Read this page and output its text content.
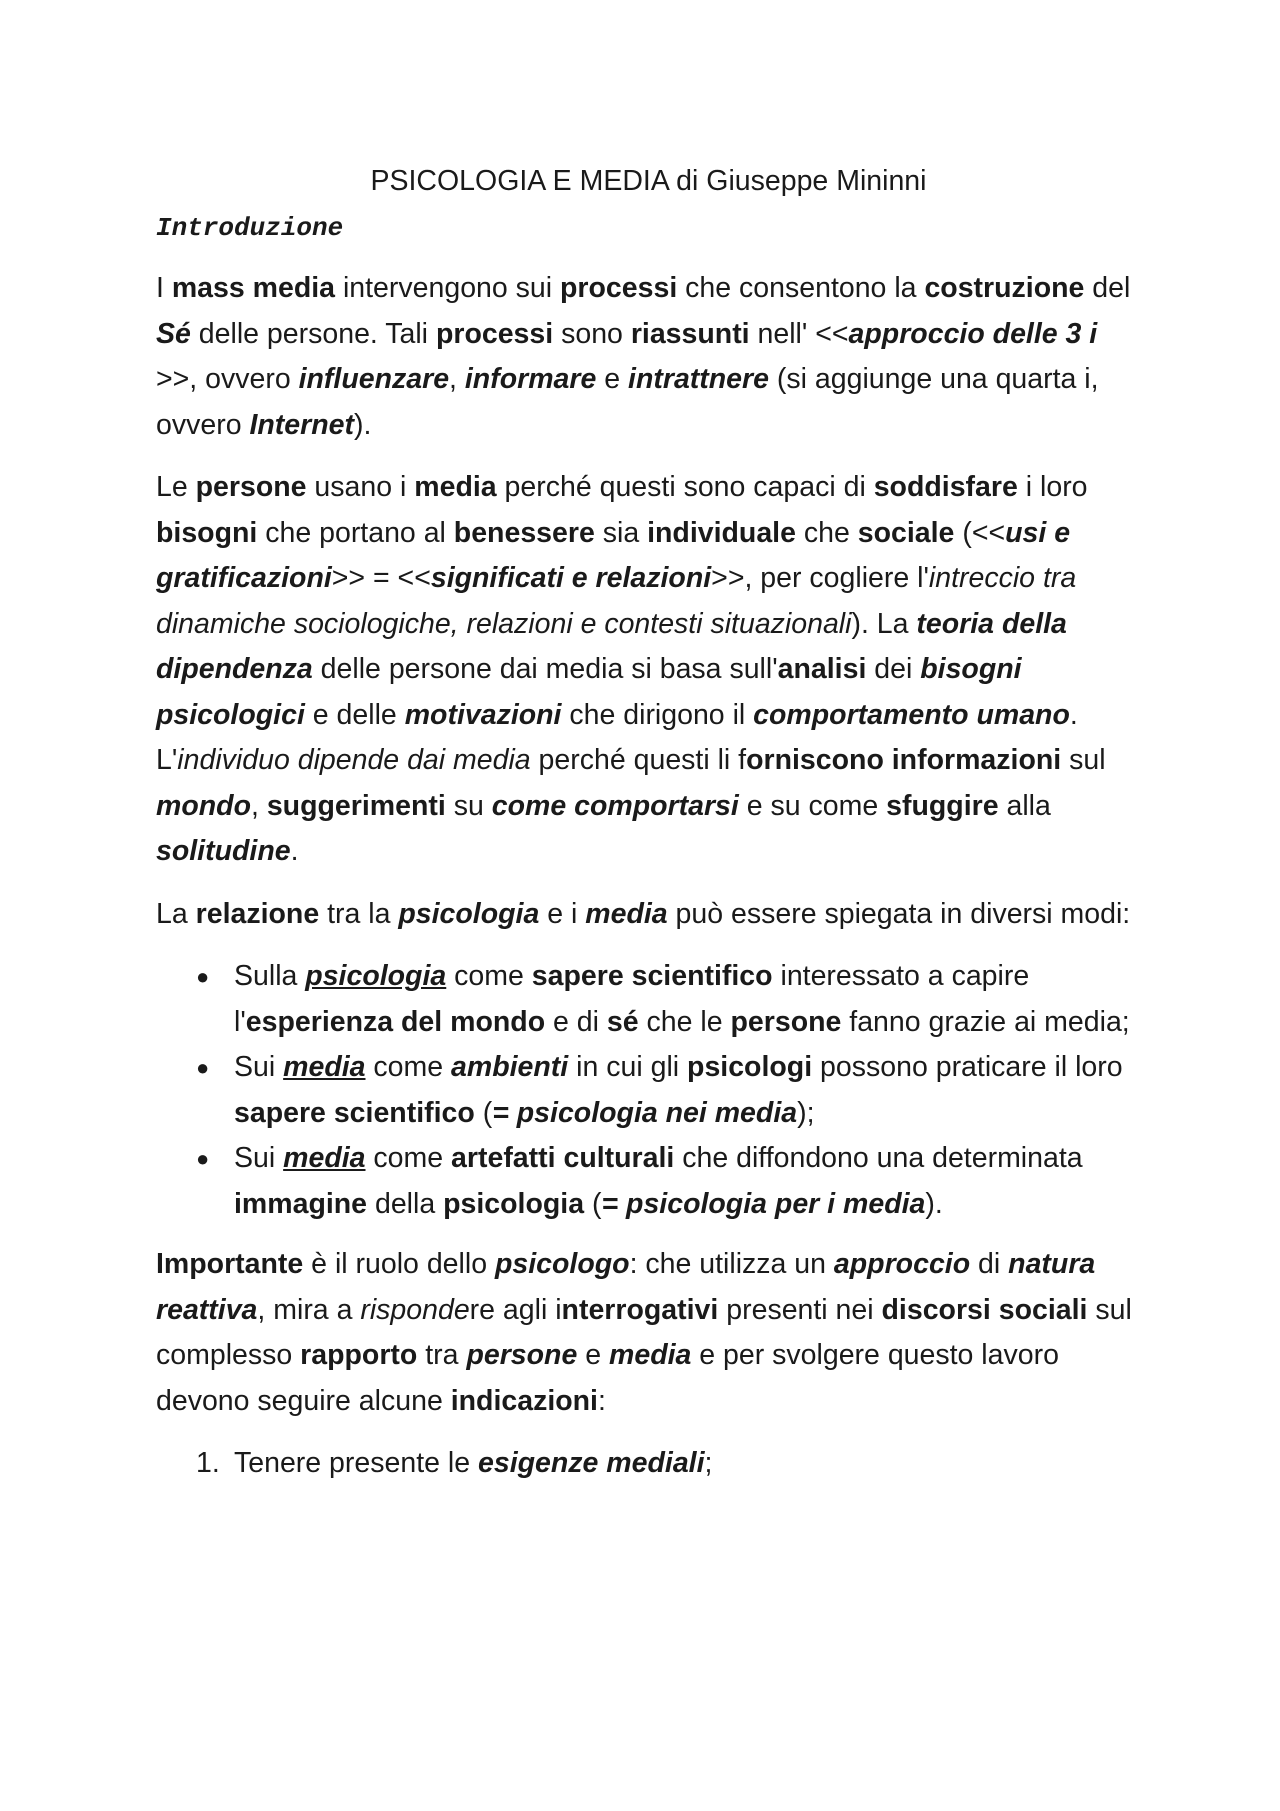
PSICOLOGIA E MEDIA di Giuseppe Mininni
Introduzione

I mass media intervengono sui processi che consentono la costruzione del Sé delle persone. Tali processi sono riassunti nell' <<approccio delle 3 i >>, ovvero influenzare, informare e intrattnere (si aggiunge una quarta i, ovvero Internet).

Le persone usano i media perché questi sono capaci di soddisfare i loro bisogni che portano al benessere sia individuale che sociale (<<usi e gratificazioni>> = <<significati e relazioni>>, per cogliere l'intreccio tra dinamiche sociologiche, relazioni e contesti situazionali). La teoria della dipendenza delle persone dai media si basa sull'analisi dei bisogni psicologici e delle motivazioni che dirigono il comportamento umano. L'individuo dipende dai media perché questi li forniscono informazioni sul mondo, suggerimenti su come comportarsi e su come sfuggire alla solitudine.

La relazione tra la psicologia e i media può essere spiegata in diversi modi:

● Sulla psicologia come sapere scientifico interessato a capire l'esperienza del mondo e di sé che le persone fanno grazie ai media;
● Sui media come ambienti in cui gli psicologi possono praticare il loro sapere scientifico (= psicologia nei media);
● Sui media come artefatti culturali che diffondono una determinata immagine della psicologia (= psicologia per i media).

Importante è il ruolo dello psicologo: che utilizza un approccio di natura reattiva, mira a rispondere agli interrogativi presenti nei discorsi sociali sul complesso rapporto tra persone e media e per svolgere questo lavoro devono seguire alcune indicazioni:

1. Tenere presente le esigenze mediali;
